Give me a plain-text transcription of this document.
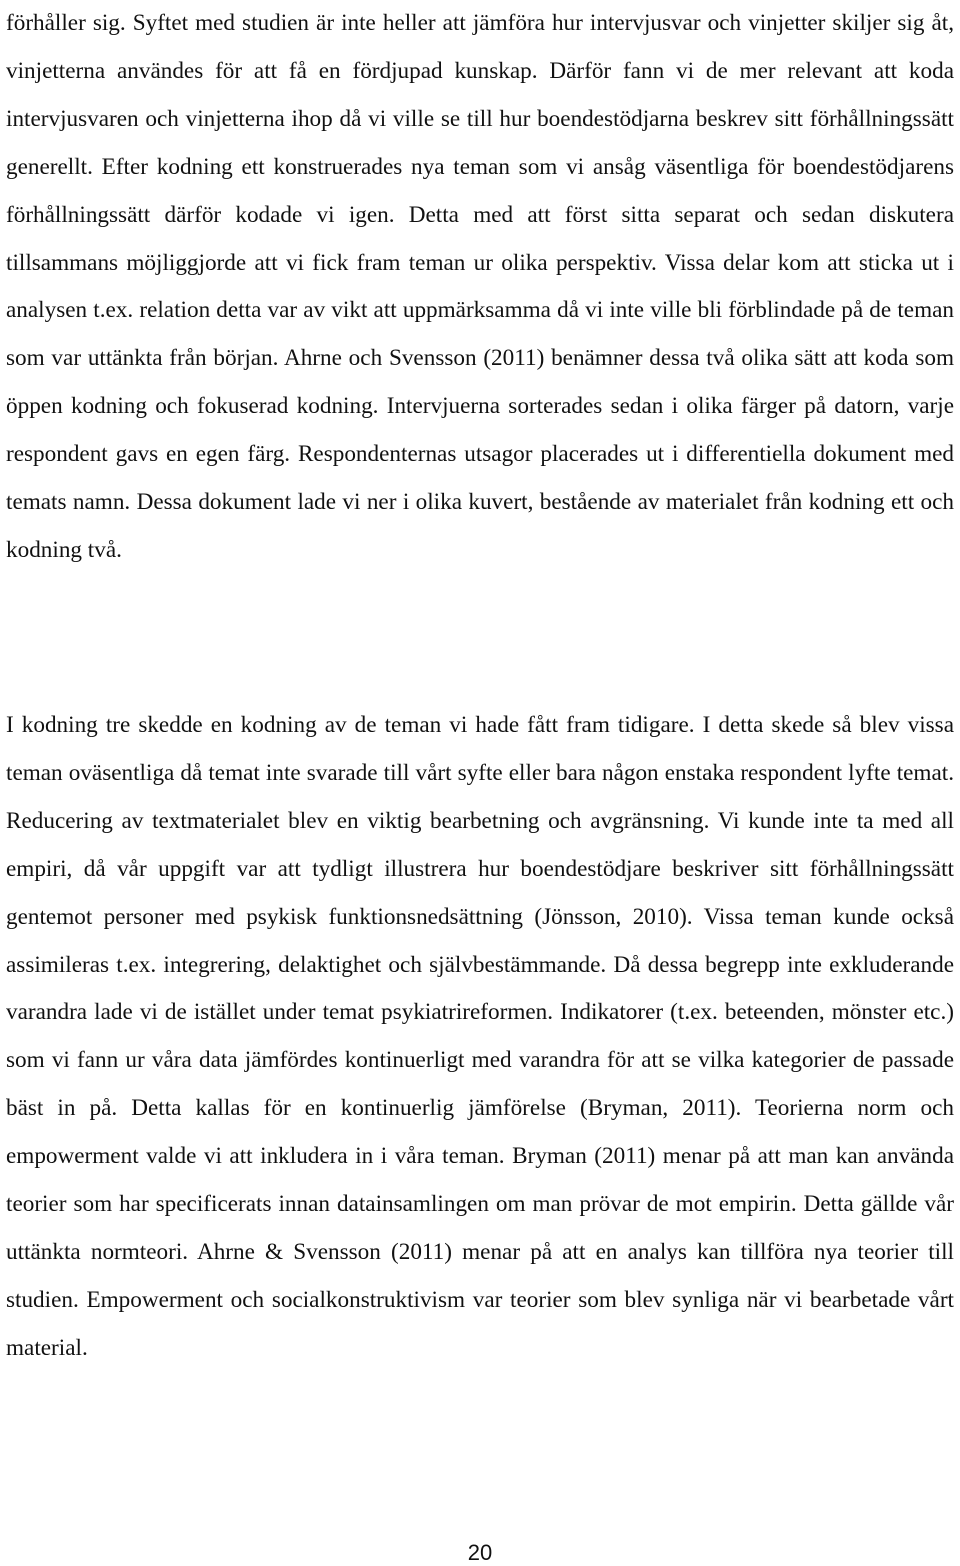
förhåller sig. Syftet med studien är inte heller att jämföra hur intervjusvar och vinjetter skiljer sig åt, vinjetterna användes för att få en fördjupad kunskap. Därför fann vi de mer relevant att koda intervjusvaren och vinjetterna ihop då vi ville se till hur boendestödjarna beskrev sitt förhållningssätt generellt. Efter kodning ett konstruerades nya teman som vi ansåg väsentliga för boendestödjarens förhållningssätt därför kodade vi igen. Detta med att först sitta separat och sedan diskutera tillsammans möjliggjorde att vi fick fram teman ur olika perspektiv. Vissa delar kom att sticka ut i analysen t.ex. relation detta var av vikt att uppmärksamma då vi inte ville bli förblindade på de teman som var uttänkta från början. Ahrne och Svensson (2011) benämner dessa två olika sätt att koda som öppen kodning och fokuserad kodning. Intervjuerna sorterades sedan i olika färger på datorn, varje respondent gavs en egen färg. Respondenternas utsagor placerades ut i differentiella dokument med temats namn. Dessa dokument lade vi ner i olika kuvert, bestående av materialet från kodning ett och kodning två.

I kodning tre skedde en kodning av de teman vi hade fått fram tidigare. I detta skede så blev vissa teman oväsentliga då temat inte svarade till vårt syfte eller bara någon enstaka respondent lyfte temat. Reducering av textmaterialet blev en viktig bearbetning och avgränsning. Vi kunde inte ta med all empiri, då vår uppgift var att tydligt illustrera hur boendestödjare beskriver sitt förhållningssätt gentemot personer med psykisk funktionsnedsättning (Jönsson, 2010). Vissa teman kunde också assimileras t.ex. integrering, delaktighet och självbestämmande. Då dessa begrepp inte exkluderande varandra lade vi de istället under temat psykiatrireformen. Indikatorer (t.ex. beteenden, mönster etc.) som vi fann ur våra data jämfördes kontinuerligt med varandra för att se vilka kategorier de passade bäst in på. Detta kallas för en kontinuerlig jämförelse (Bryman, 2011). Teorierna norm och empowerment valde vi att inkludera in i våra teman. Bryman (2011) menar på att man kan använda teorier som har specificerats innan datainsamlingen om man prövar de mot empirin. Detta gällde vår uttänkta normteori. Ahrne & Svensson (2011) menar på att en analys kan tillföra nya teorier till studien. Empowerment och socialkonstruktivism var teorier som blev synliga när vi bearbetade vårt material.

20
